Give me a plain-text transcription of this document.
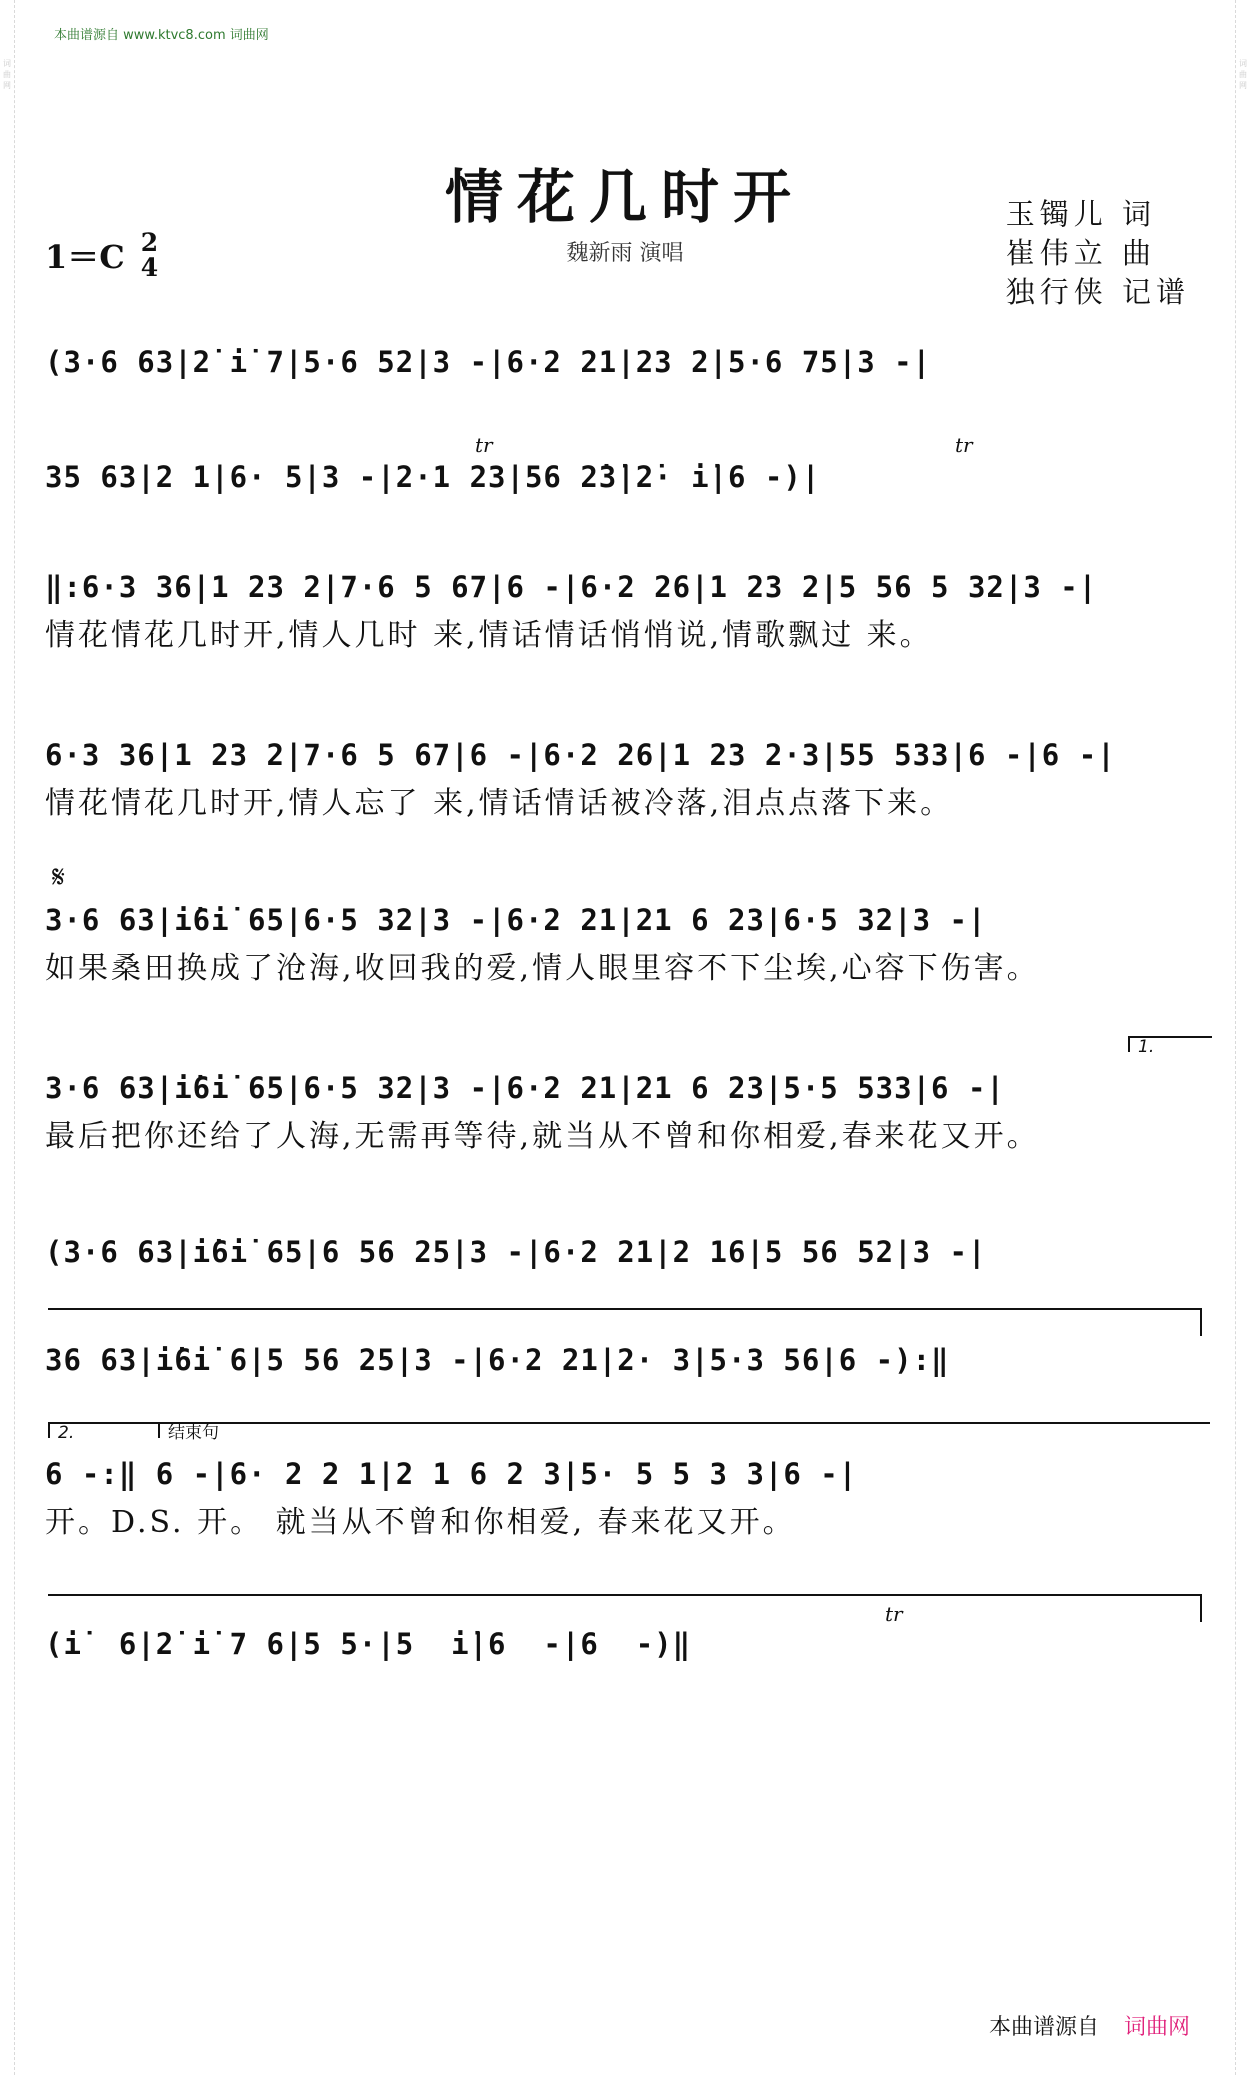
词曲网
词曲网
本曲谱源自 www.ktvc8.com 词曲网
情花几时开
魏新雨 演唱
玉镯儿 词
崔伟立 曲
独行侠 记谱
1＝C 2
4
(3·6 63|2̇ i̇ 7|5·6 52|3 -|6·2 21|23 2|5·6 75|3 -|
tr	tr
35 63|2 1|6· 5|3 -|2·1 23|56 2̇3̇|2̇· i̇|6 -)|
‖:6·3 36|1 23 2|7·6 5 67|6 -|6·2 26|1 23 2|5 56 5 32|3 -|
情花情花几时开,情人几时 来,情话情话悄悄说,情歌飘过 来。
6·3 36|1 23 2|7·6 5 67|6 -|6·2 26|1 23 2·3|55 533|6 -|6 -|
情花情花几时开,情人忘了 来,情话情话被冷落,泪点点落下来。
𝄋
3·6 63|i̇6i̇ 65|6·5 32|3 -|6·2 21|21 6 23|6·5 32|3 -|
如果桑田换成了沧海,收回我的爱,情人眼里容不下尘埃,心容下伤害。
1.
3·6 63|i̇6i̇ 65|6·5 32|3 -|6·2 21|21 6 23|5·5 533|6 -|
最后把你还给了人海,无需再等待,就当从不曾和你相爱,春来花又开。
(3·6 63|i̇6i̇ 65|6 56 25|3 -|6·2 21|2 16|5 56 52|3 -|
36 63|i̇6i̇ 6|5 56 25|3 -|6·2 21|2· 3|5·3 56|6 -):‖
2.	结束句
6 -:‖ 6 -|6· 2 2 1|2 1 6 2 3|5· 5 5 3 3|6 -|
开。D.S. 开。 就当从不曾和你相爱, 春来花又开。
tr
(i̇  6|2̇ i̇ 7 6|5 5·|5  i̇|6  -|6  -)‖
本曲谱源自 词曲网
